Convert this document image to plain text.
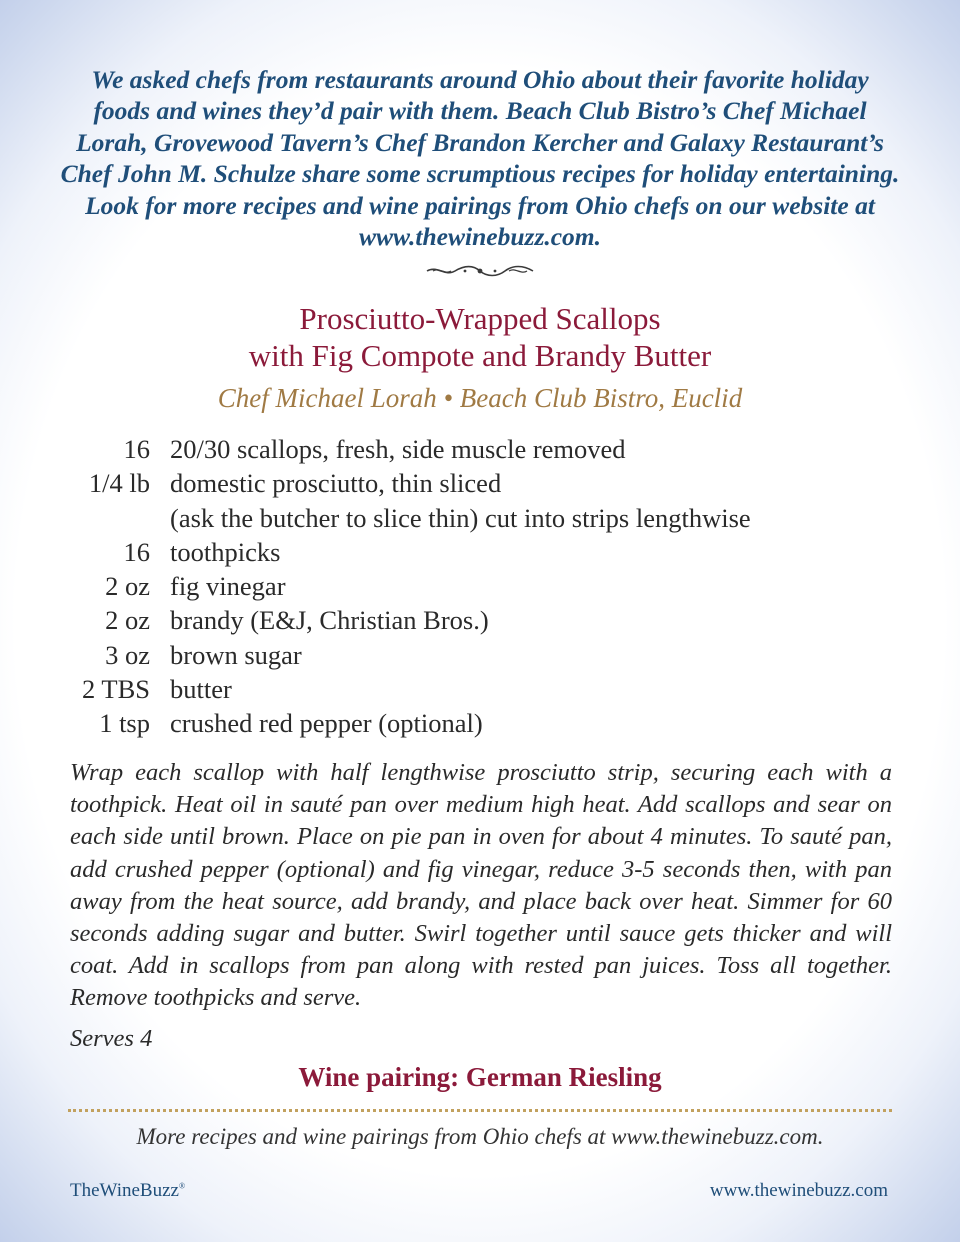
We asked chefs from restaurants around Ohio about their favorite holiday foods and wines they’d pair with them. Beach Club Bistro’s Chef Michael Lorah, Grovewood Tavern’s Chef Brandon Kercher and Galaxy Restaurant’s Chef John M. Schulze share some scrumptious recipes for holiday entertaining. Look for more recipes and wine pairings from Ohio chefs on our website at www.thewinebuzz.com.

Prosciutto-Wrapped Scallops
with Fig Compote and Brandy Butter

Chef Michael Lorah • Beach Club Bistro, Euclid

16 20/30 scallops, fresh, side muscle removed
1/4 lb domestic prosciutto, thin sliced
(ask the butcher to slice thin) cut into strips lengthwise
16 toothpicks
2 oz fig vinegar
2 oz brandy (E&J, Christian Bros.)
3 oz brown sugar
2 TBS butter
1 tsp crushed red pepper (optional)

Wrap each scallop with half lengthwise prosciutto strip, securing each with a toothpick. Heat oil in sauté pan over medium high heat. Add scallops and sear on each side until brown. Place on pie pan in oven for about 4 minutes. To sauté pan, add crushed pepper (optional) and fig vinegar, reduce 3-5 seconds then, with pan away from the heat source, add brandy, and place back over heat. Simmer for 60 seconds adding sugar and butter. Swirl together until sauce gets thicker and will coat. Add in scallops from pan along with rested pan juices. Toss all together. Remove toothpicks and serve.

Serves 4

Wine pairing: German Riesling

More recipes and wine pairings from Ohio chefs at www.thewinebuzz.com.

TheWineBuzz®	www.thewinebuzz.com
